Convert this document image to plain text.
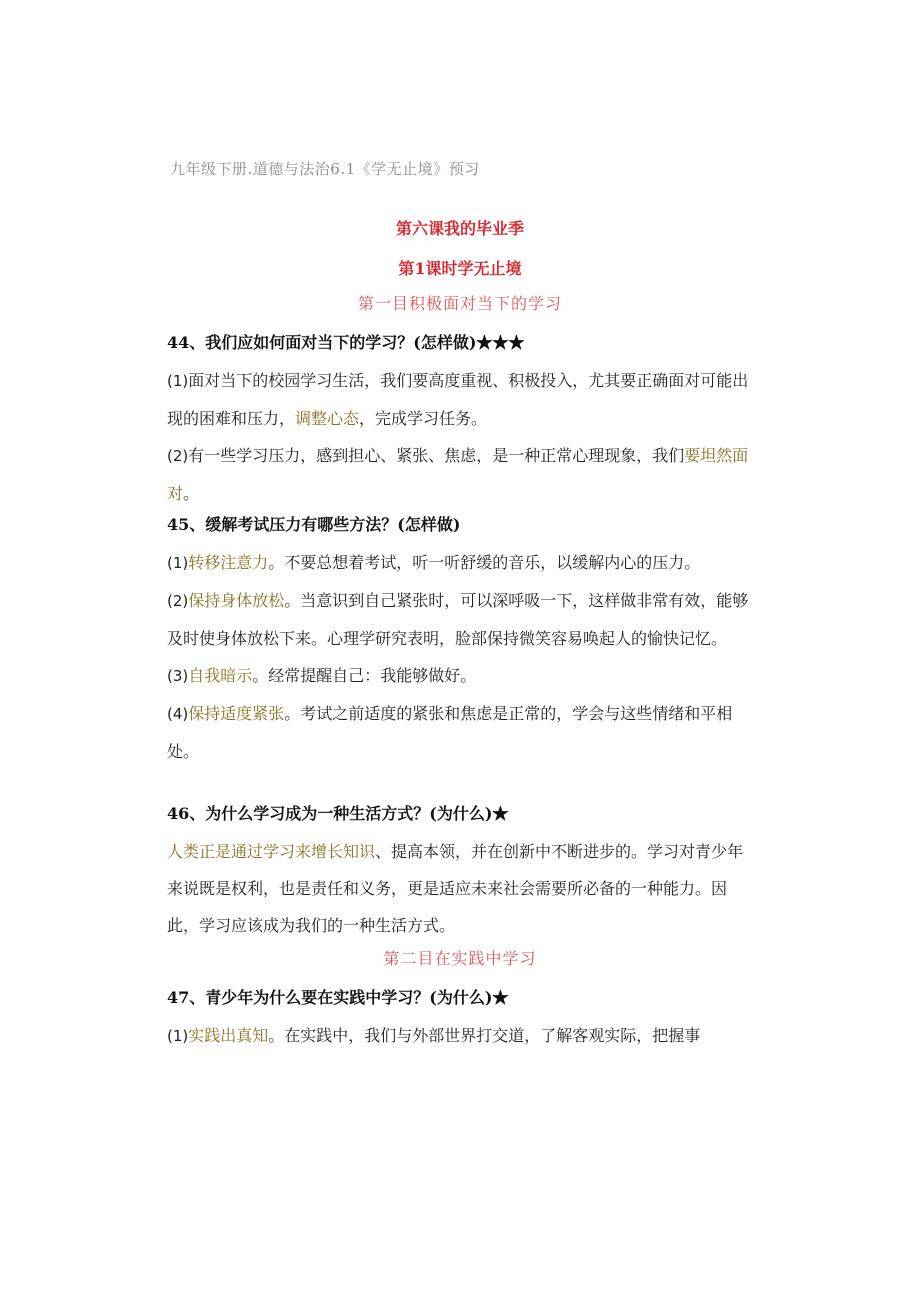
九年级下册.道德与法治6.1《学无止境》预习
第六课我的毕业季
第1课时学无止境
第一目积极面对当下的学习
44、我们应如何面对当下的学习？(怎样做)★★★
(1)面对当下的校园学习生活，我们要高度重视、积极投入，尤其要正确面对可能出现的困难和压力，调整心态，完成学习任务。
(2)有一些学习压力，感到担心、紧张、焦虑，是一种正常心理现象，我们要坦然面对。
45、缓解考试压力有哪些方法？(怎样做)
(1)转移注意力。不要总想着考试，听一听舒缓的音乐，以缓解内心的压力。
(2)保持身体放松。当意识到自己紧张时，可以深呼吸一下，这样做非常有效，能够及时使身体放松下来。心理学研究表明，脸部保持微笑容易唤起人的愉快记忆。
(3)自我暗示。经常提醒自己：我能够做好。
(4)保持适度紧张。考试之前适度的紧张和焦虑是正常的，学会与这些情绪和平相处。
46、为什么学习成为一种生活方式？(为什么)★
人类正是通过学习来增长知识、提高本领，并在创新中不断进步的。学习对青少年来说既是权利，也是责任和义务，更是适应未来社会需要所必备的一种能力。因此，学习应该成为我们的一种生活方式。
第二目在实践中学习
47、青少年为什么要在实践中学习？(为什么)★
(1)实践出真知。在实践中，我们与外部世界打交道，了解客观实际，把握事
